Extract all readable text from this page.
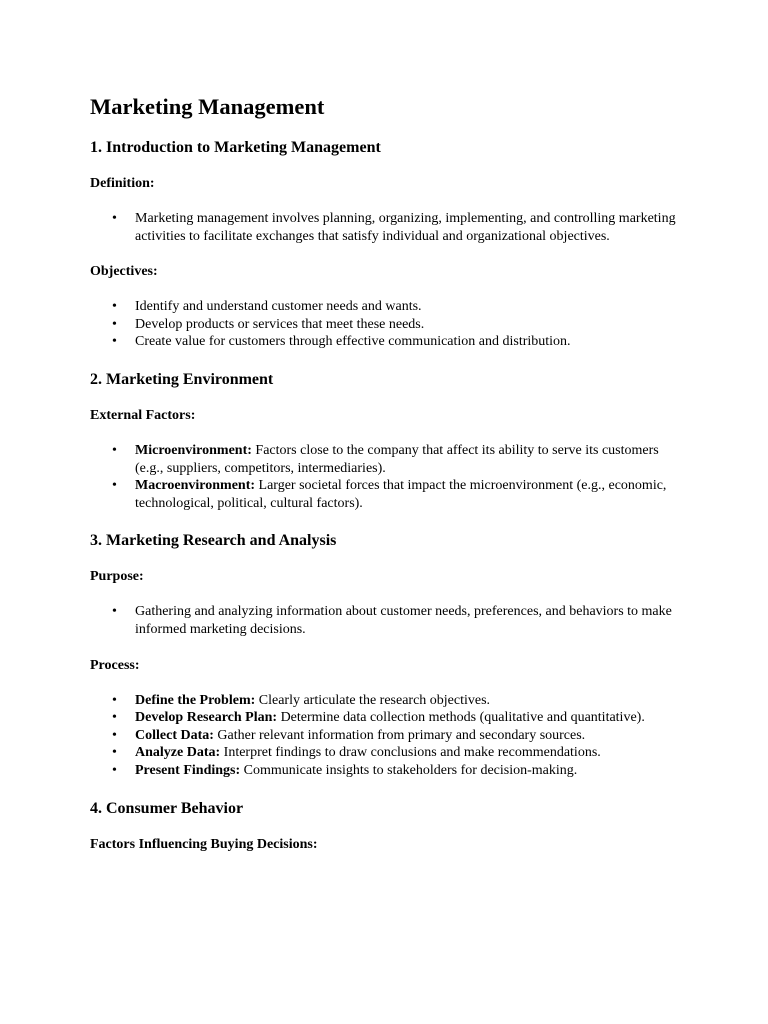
Marketing Management
1. Introduction to Marketing Management
Definition:
• Marketing management involves planning, organizing, implementing, and controlling marketing activities to facilitate exchanges that satisfy individual and organizational objectives.
Objectives:
• Identify and understand customer needs and wants.
• Develop products or services that meet these needs.
• Create value for customers through effective communication and distribution.
2. Marketing Environment
External Factors:
• Microenvironment: Factors close to the company that affect its ability to serve its customers (e.g., suppliers, competitors, intermediaries).
• Macroenvironment: Larger societal forces that impact the microenvironment (e.g., economic, technological, political, cultural factors).
3. Marketing Research and Analysis
Purpose:
• Gathering and analyzing information about customer needs, preferences, and behaviors to make informed marketing decisions.
Process:
• Define the Problem: Clearly articulate the research objectives.
• Develop Research Plan: Determine data collection methods (qualitative and quantitative).
• Collect Data: Gather relevant information from primary and secondary sources.
• Analyze Data: Interpret findings to draw conclusions and make recommendations.
• Present Findings: Communicate insights to stakeholders for decision-making.
4. Consumer Behavior
Factors Influencing Buying Decisions:
